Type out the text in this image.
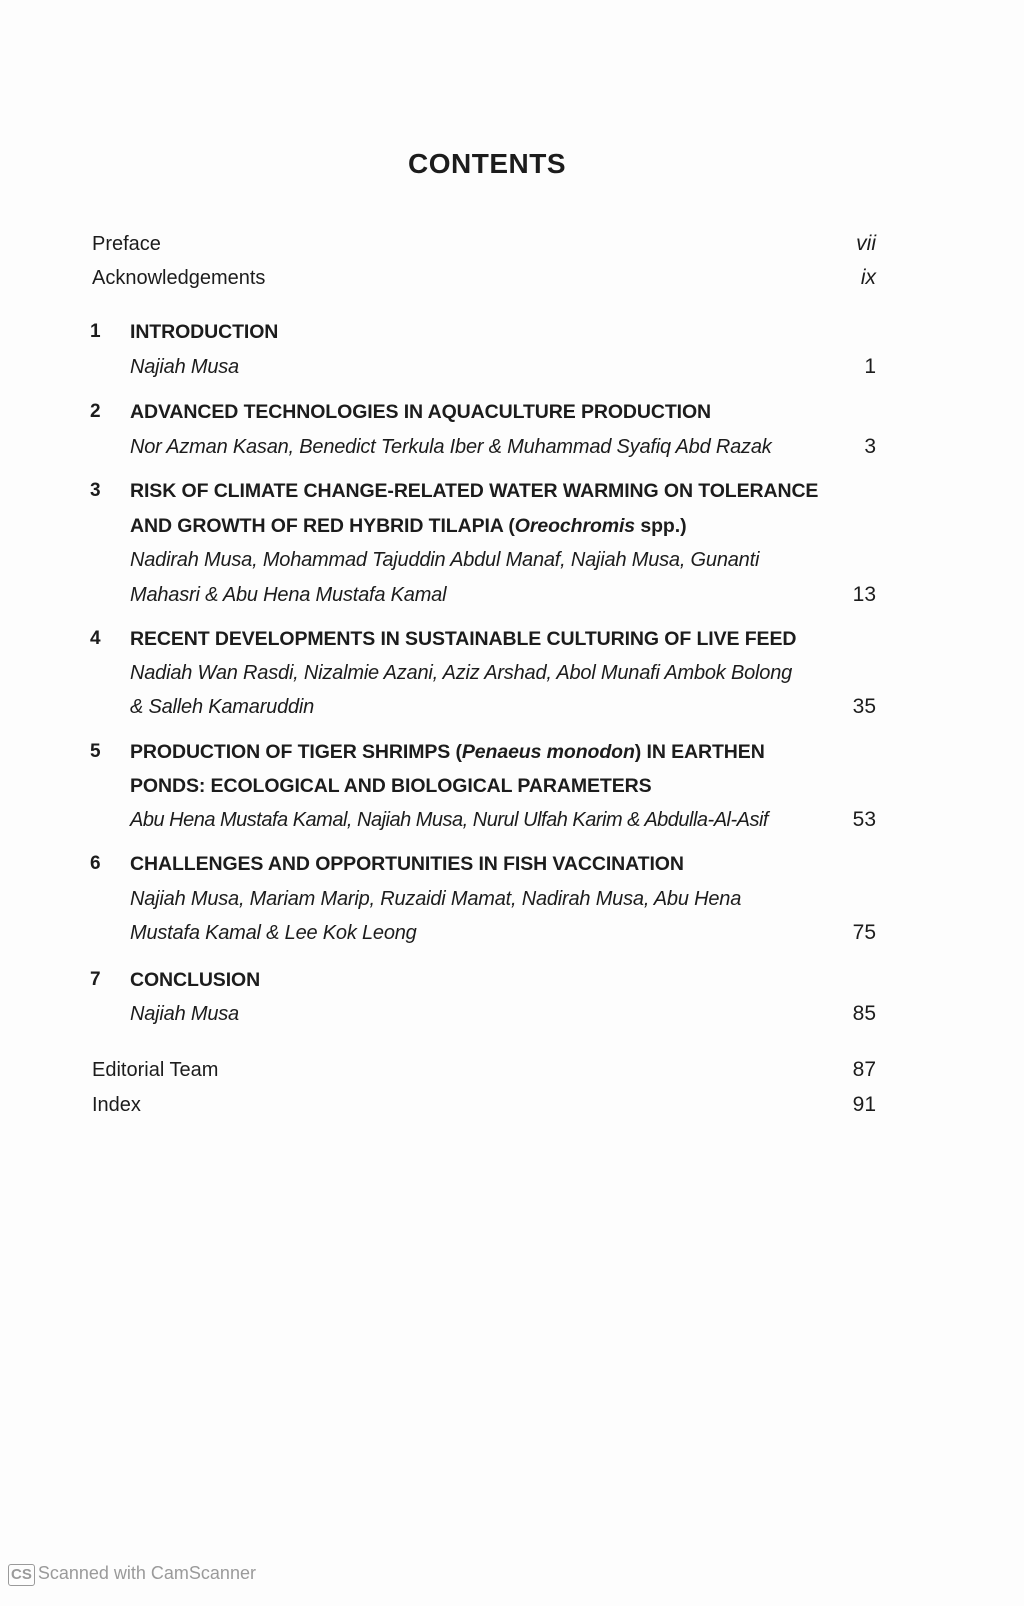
CONTENTS
Preface	vii
Acknowledgements	ix
1 INTRODUCTION
Najiah Musa	1
2 ADVANCED TECHNOLOGIES IN AQUACULTURE PRODUCTION
Nor Azman Kasan, Benedict Terkula Iber & Muhammad Syafiq Abd Razak	3
3 RISK OF CLIMATE CHANGE-RELATED WATER WARMING ON TOLERANCE
AND GROWTH OF RED HYBRID TILAPIA (Oreochromis spp.)
Nadirah Musa, Mohammad Tajuddin Abdul Manaf, Najiah Musa, Gunanti
Mahasri & Abu Hena Mustafa Kamal	13
4 RECENT DEVELOPMENTS IN SUSTAINABLE CULTURING OF LIVE FEED
Nadiah Wan Rasdi, Nizalmie Azani, Aziz Arshad, Abol Munafi Ambok Bolong
& Salleh Kamaruddin	35
5 PRODUCTION OF TIGER SHRIMPS (Penaeus monodon) IN EARTHEN
PONDS: ECOLOGICAL AND BIOLOGICAL PARAMETERS
Abu Hena Mustafa Kamal, Najiah Musa, Nurul Ulfah Karim & Abdulla-Al-Asif	53
6 CHALLENGES AND OPPORTUNITIES IN FISH VACCINATION
Najiah Musa, Mariam Marip, Ruzaidi Mamat, Nadirah Musa, Abu Hena
Mustafa Kamal & Lee Kok Leong	75
7 CONCLUSION
Najiah Musa	85
Editorial Team	87
Index	91
CS Scanned with CamScanner
